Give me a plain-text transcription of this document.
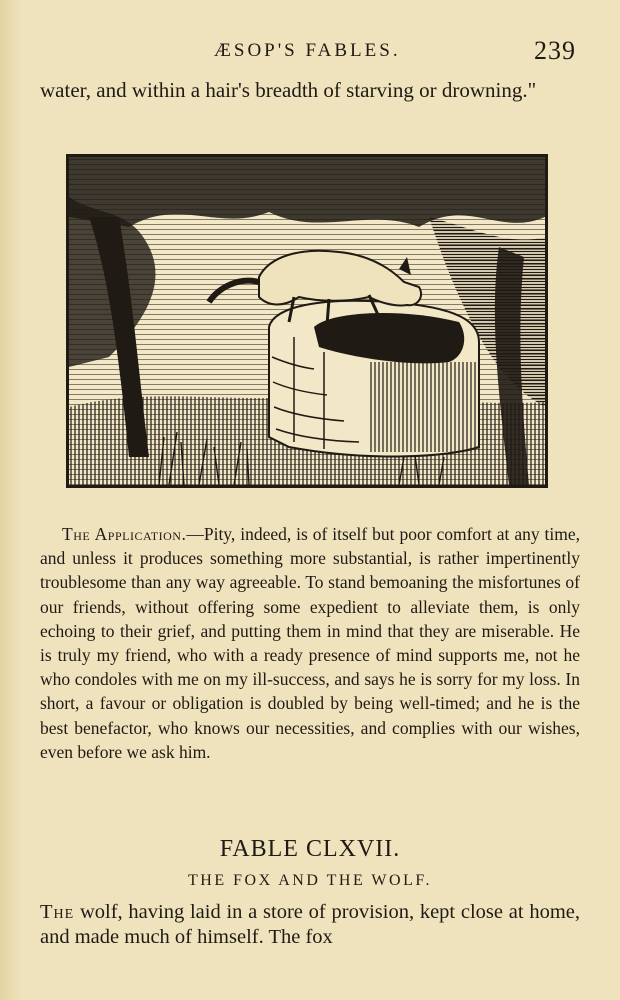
ÆSOP'S FABLES.	239

water, and within a hair's breadth of starving or drowning."

The Application.—Pity, indeed, is of itself but poor comfort at any time, and unless it produces something more substantial, is rather impertinently troublesome than any way agreeable. To stand bemoaning the misfortunes of our friends, without offering some expedient to alleviate them, is only echoing to their grief, and putting them in mind that they are miserable. He is truly my friend, who with a ready presence of mind supports me, not he who condoles with me on my ill-success, and says he is sorry for my loss. In short, a favour or obligation is doubled by being well-timed; and he is the best benefactor, who knows our necessities, and complies with our wishes, even before we ask him.

FABLE CLXVII.
THE FOX AND THE WOLF.

The wolf, having laid in a store of provision, kept close at home, and made much of himself. The fox
